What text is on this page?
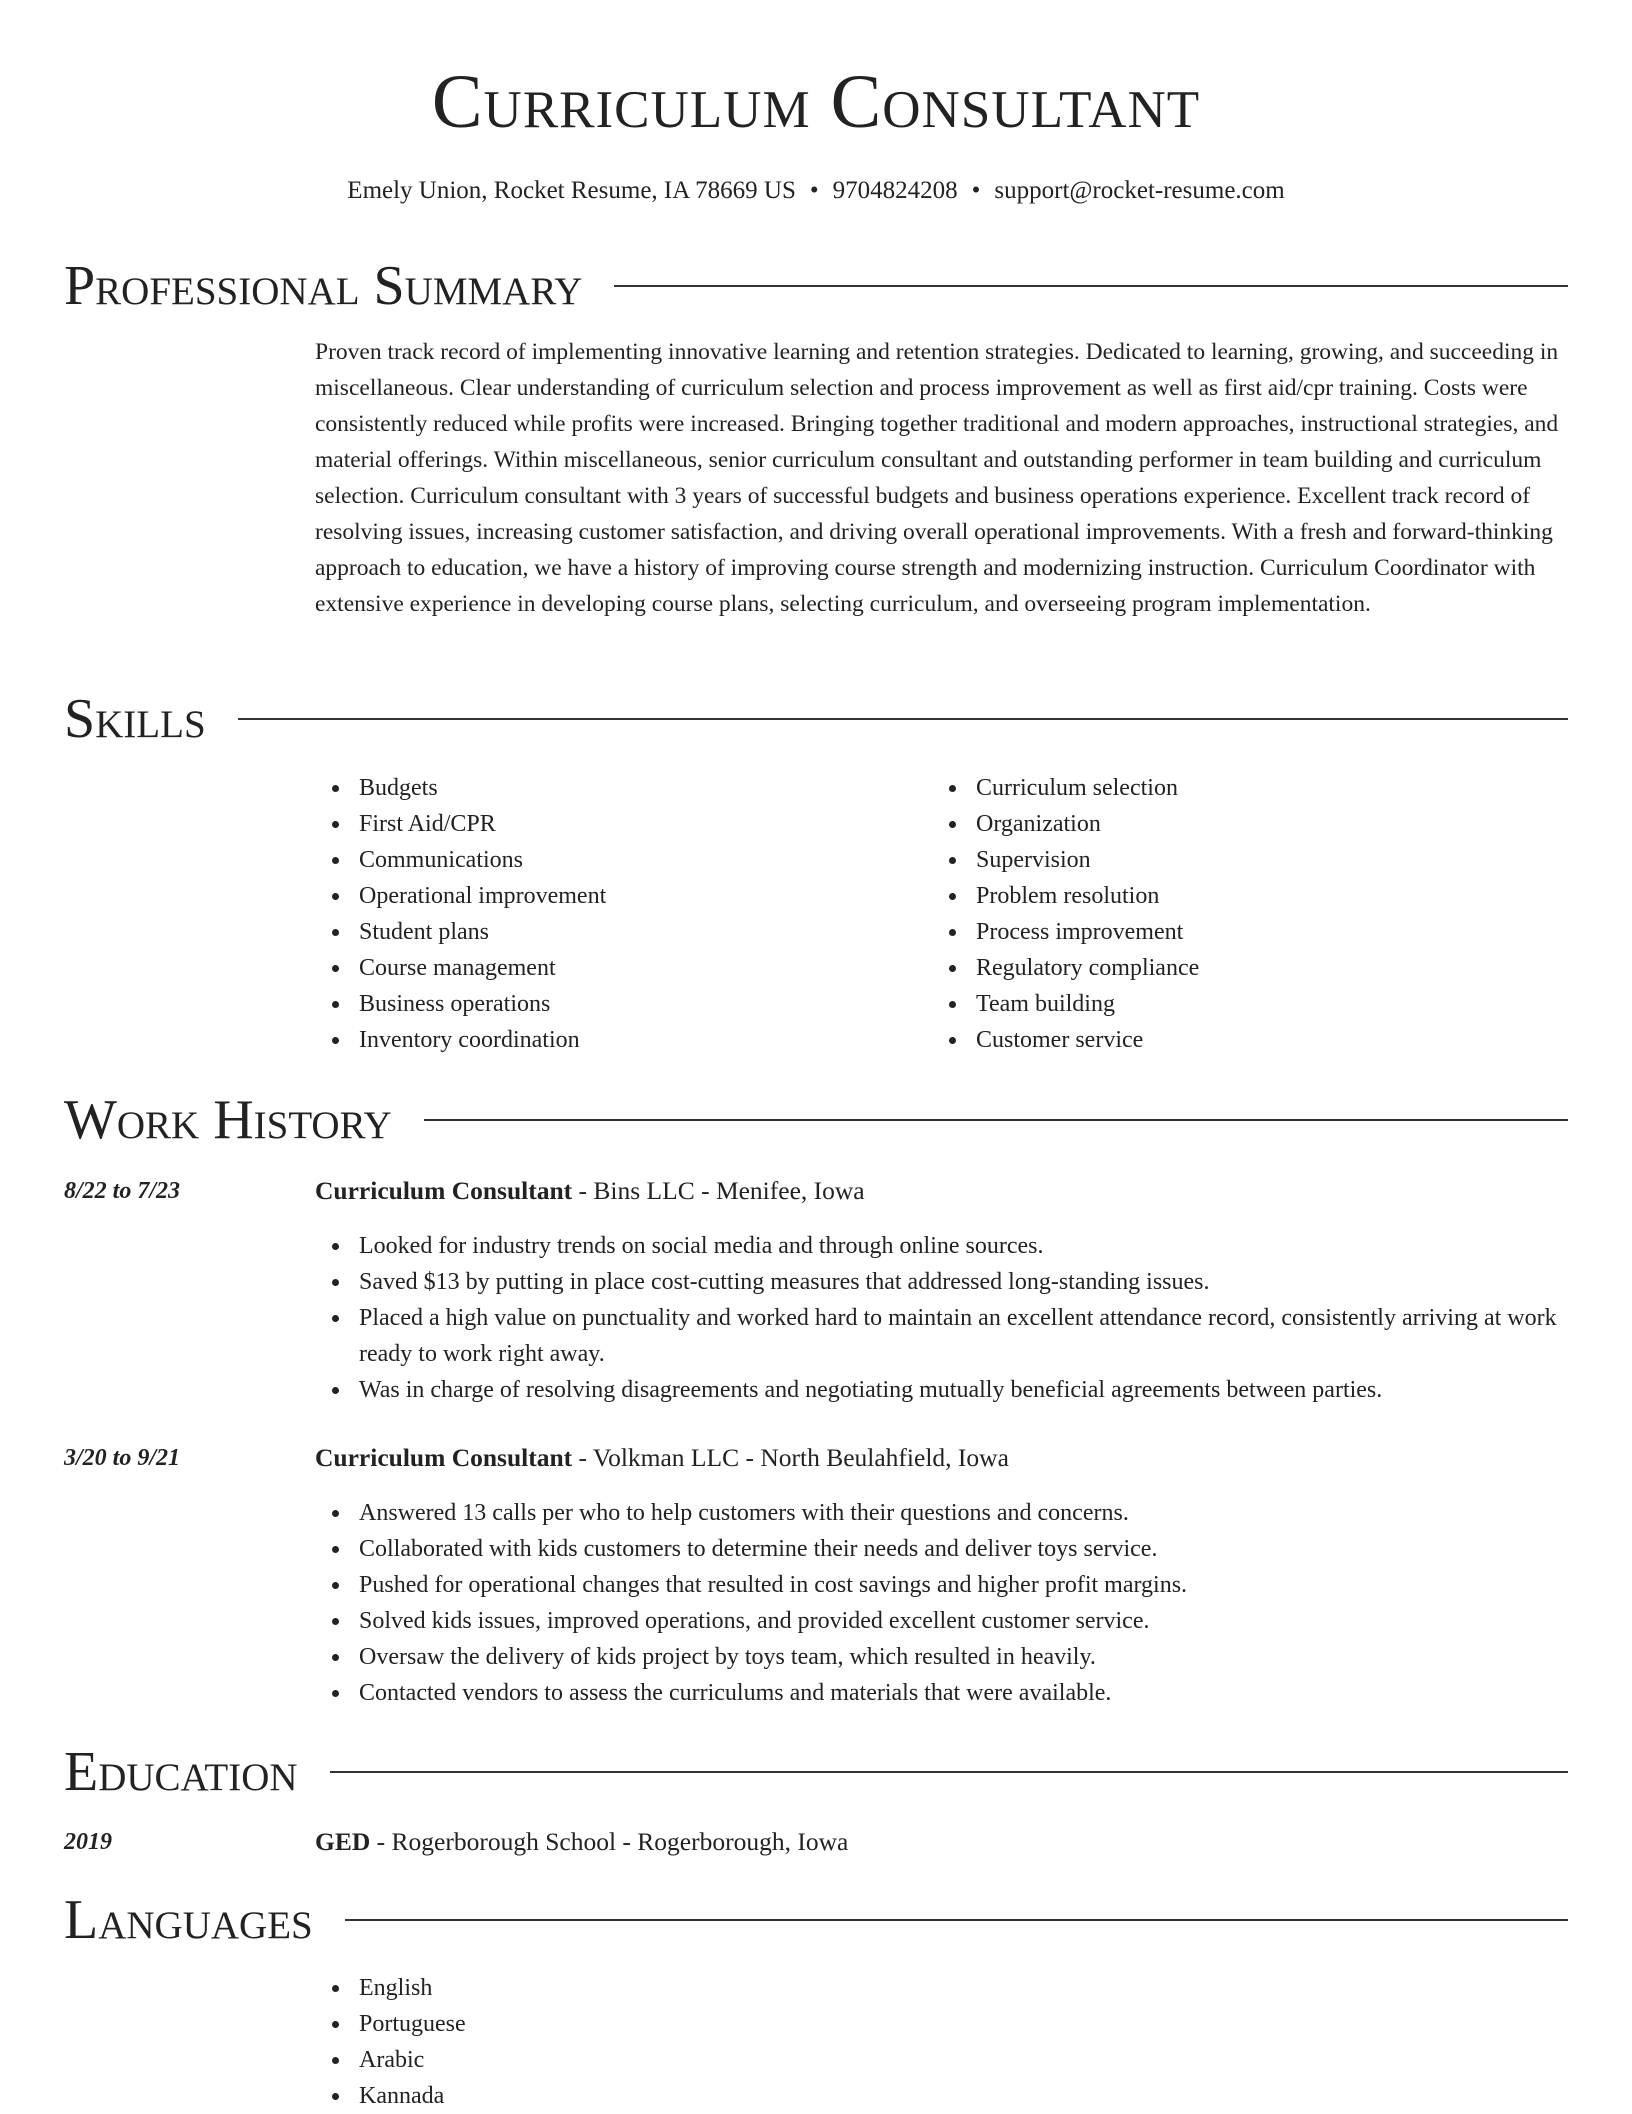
Curriculum Consultant
Emely Union, Rocket Resume, IA 78669 US • 9704824208 • support@rocket-resume.com
Professional Summary

Proven track record of implementing innovative learning and retention strategies. Dedicated to learning, growing, and succeeding in miscellaneous. Clear understanding of curriculum selection and process improvement as well as first aid/cpr training. Costs were consistently reduced while profits were increased. Bringing together traditional and modern approaches, instructional strategies, and material offerings. Within miscellaneous, senior curriculum consultant and outstanding performer in team building and curriculum selection. Curriculum consultant with 3 years of successful budgets and business operations experience. Excellent track record of resolving issues, increasing customer satisfaction, and driving overall operational improvements. With a fresh and forward-thinking approach to education, we have a history of improving course strength and modernizing instruction. Curriculum Coordinator with extensive experience in developing course plans, selecting curriculum, and overseeing program implementation.

Skills
Budgets
First Aid/CPR
Communications
Operational improvement
Student plans
Course management
Business operations
Inventory coordination
Curriculum selection
Organization
Supervision
Problem resolution
Process improvement
Regulatory compliance
Team building
Customer service
Work History
8/22 to 7/23	Curriculum Consultant - Bins LLC - Menifee, Iowa
Looked for industry trends on social media and through online sources.
Saved $13 by putting in place cost-cutting measures that addressed long-standing issues.
Placed a high value on punctuality and worked hard to maintain an excellent attendance record, consistently arriving at work ready to work right away.
Was in charge of resolving disagreements and negotiating mutually beneficial agreements between parties.
3/20 to 9/21	Curriculum Consultant - Volkman LLC - North Beulahfield, Iowa
Answered 13 calls per who to help customers with their questions and concerns.
Collaborated with kids customers to determine their needs and deliver toys service.
Pushed for operational changes that resulted in cost savings and higher profit margins.
Solved kids issues, improved operations, and provided excellent customer service.
Oversaw the delivery of kids project by toys team, which resulted in heavily.
Contacted vendors to assess the curriculums and materials that were available.
Education
2019	GED - Rogerborough School - Rogerborough, Iowa
Languages
English
Portuguese
Arabic
Kannada
